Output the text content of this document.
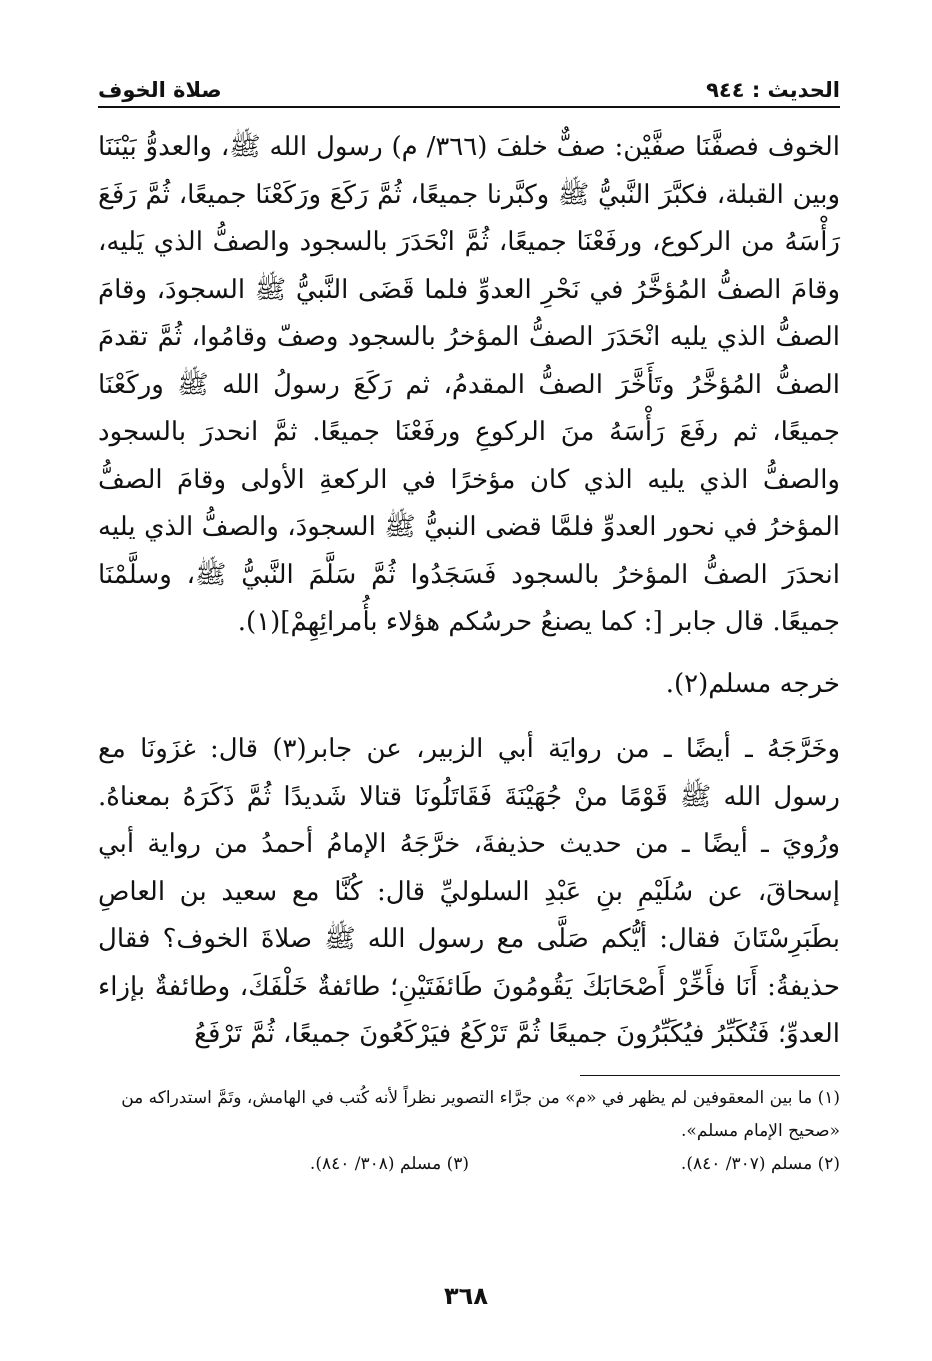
صلاة الخوف	الحديث : ٩٤٤

الخوف فصفَّنَا صفَّيْن: صفٌّ خلفَ (٣٦٦/ م) رسول الله ﷺ، والعدوُّ بَيْنَنَا وبين القبلة، فكبَّرَ النَّبيُّ ﷺ وكبَّرنا جميعًا، ثُمَّ رَكَعَ ورَكَعْنَا جميعًا، ثُمَّ رَفَعَ رَأْسَهُ من الركوع، ورفَعْنَا جميعًا، ثُمَّ انْحَدَرَ بالسجود والصفُّ الذي يَليه، وقامَ الصفُّ المُؤخَّرُ في نَحْرِ العدوِّ فلما قَضَى النَّبيُّ ﷺ السجودَ، وقامَ الصفُّ الذي يليه انْحَدَرَ الصفُّ المؤخرُ بالسجود وصفّ وقامُوا، ثُمَّ تقدمَ الصفُّ المُؤخَّرُ وتَأَخَّرَ الصفُّ المقدمُ، ثم رَكَعَ رسولُ الله ﷺ وركَعْنَا جميعًا، ثم رفَعَ رَأْسَهُ منَ الركوعِ ورفَعْنَا جميعًا. ثمَّ انحدرَ بالسجود والصفُّ الذي يليه الذي كان مؤخرًا في الركعةِ الأولى وقامَ الصفُّ المؤخرُ في نحور العدوِّ فلمَّا قضى النبيُّ ﷺ السجودَ، والصفُّ الذي يليه انحدَرَ الصفُّ المؤخرُ بالسجود فَسَجَدُوا ثُمَّ سَلَّمَ النَّبيُّ ﷺ، وسلَّمْنَا جميعًا. قال جابر [: كما يصنعُ حرسُكم هؤلاء بأُمرائِهِمْ](١).

خرجه مسلم(٢).

وخَرَّجَهُ ـ أيضًا ـ من روايَة أبي الزبير، عن جابر(٣) قال: غزَونَا مع رسول الله ﷺ قَوْمًا منْ جُهَيْنَةَ فَقَاتَلُونَا قتالا شَديدًا ثُمَّ ذَكَرَهُ بمعناهُ. ورُويَ ـ أيضًا ـ من حديث حذيفةَ، خرَّجَهُ الإمامُ أحمدُ من رواية أبي إسحاقَ، عن سُلَيْمِ بنِ عَبْدِ السلوليِّ قال: كُنَّا مع سعيد بن العاصِ بطَبَرِسْتَانَ فقال: أيُّكم صَلَّى مع رسول الله ﷺ صلاةَ الخوف؟ فقال حذيفةُ: أَنَا فأَخِّرْ أَصْحَابَكَ يَقُومُونَ طَائفَتَيْنِ؛ طائفةٌ خَلْفَكَ، وطائفةٌ بإزاء العدوِّ؛ فَتُكَبِّرُ فيُكَبِّرُونَ جميعًا ثُمَّ تَرْكَعُ فيَرْكَعُونَ جميعًا، ثُمَّ تَرْفَعُ

(١) ما بين المعقوفين لم يظهر في «م» من جرَّاء التصوير نظراً لأنه كُتب في الهامش، وتَمَّ استدراكه من «صحيح الإمام مسلم».

(٢) مسلم (٣٠٧/ ٨٤٠).
(٣) مسلم (٣٠٨/ ٨٤٠).
٣٦٨
